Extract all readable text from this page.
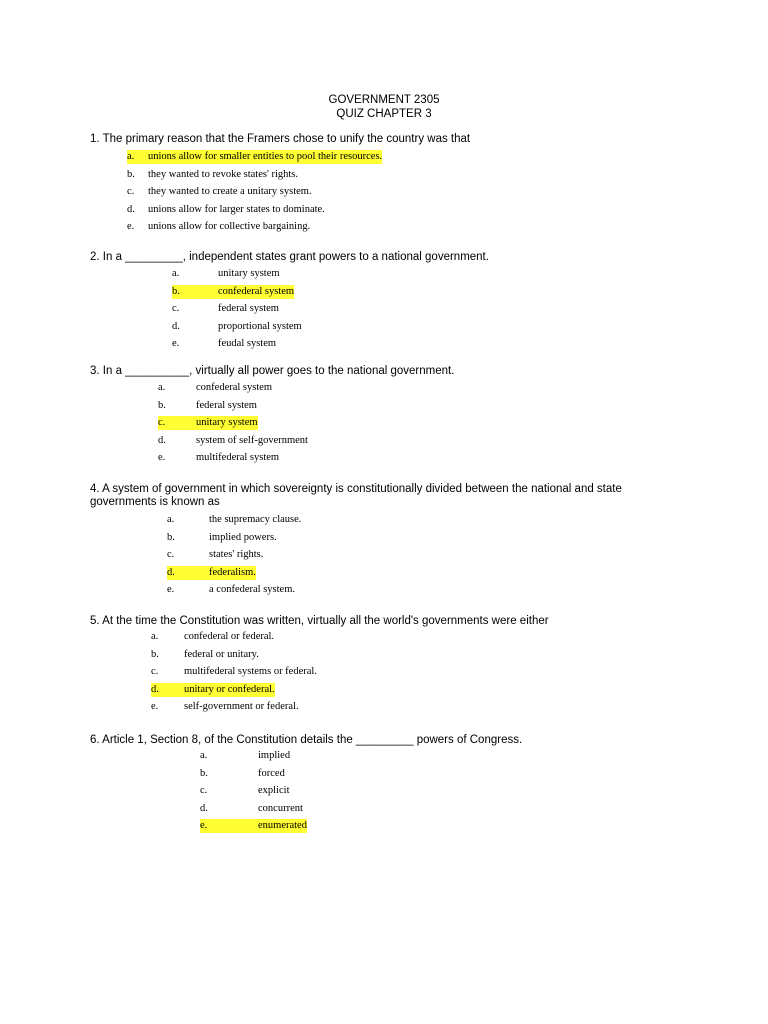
GOVERNMENT 2305
QUIZ CHAPTER 3
1. The primary reason that the Framers chose to unify the country was that
a. unions allow for smaller entities to pool their resources.
b. they wanted to revoke states' rights.
c. they wanted to create a unitary system.
d. unions allow for larger states to dominate.
e. unions allow for collective bargaining.
2. In a _________, independent states grant powers to a national government.
a.	unitary system
b.	confederal system
c.	federal system
d.	proportional system
e.	feudal system
3. In a __________, virtually all power goes to the national government.
a.	confederal system
b.	federal system
c.	unitary system
d.	system of self-government
e.	multifederal system
4. A system of government in which sovereignty is constitutionally divided between the national and state governments is known as
a.	the supremacy clause.
b.	implied powers.
c.	states' rights.
d.	federalism.
e.	a confederal system.
5. At the time the Constitution was written, virtually all the world's governments were either
a. confederal or federal.
b. federal or unitary.
c. multifederal systems or federal.
d. unitary or confederal.
e. self-government or federal.
6. Article 1, Section 8, of the Constitution details the _________ powers of Congress.
a.	implied
b.	forced
c.	explicit
d.	concurrent
e.	enumerated
